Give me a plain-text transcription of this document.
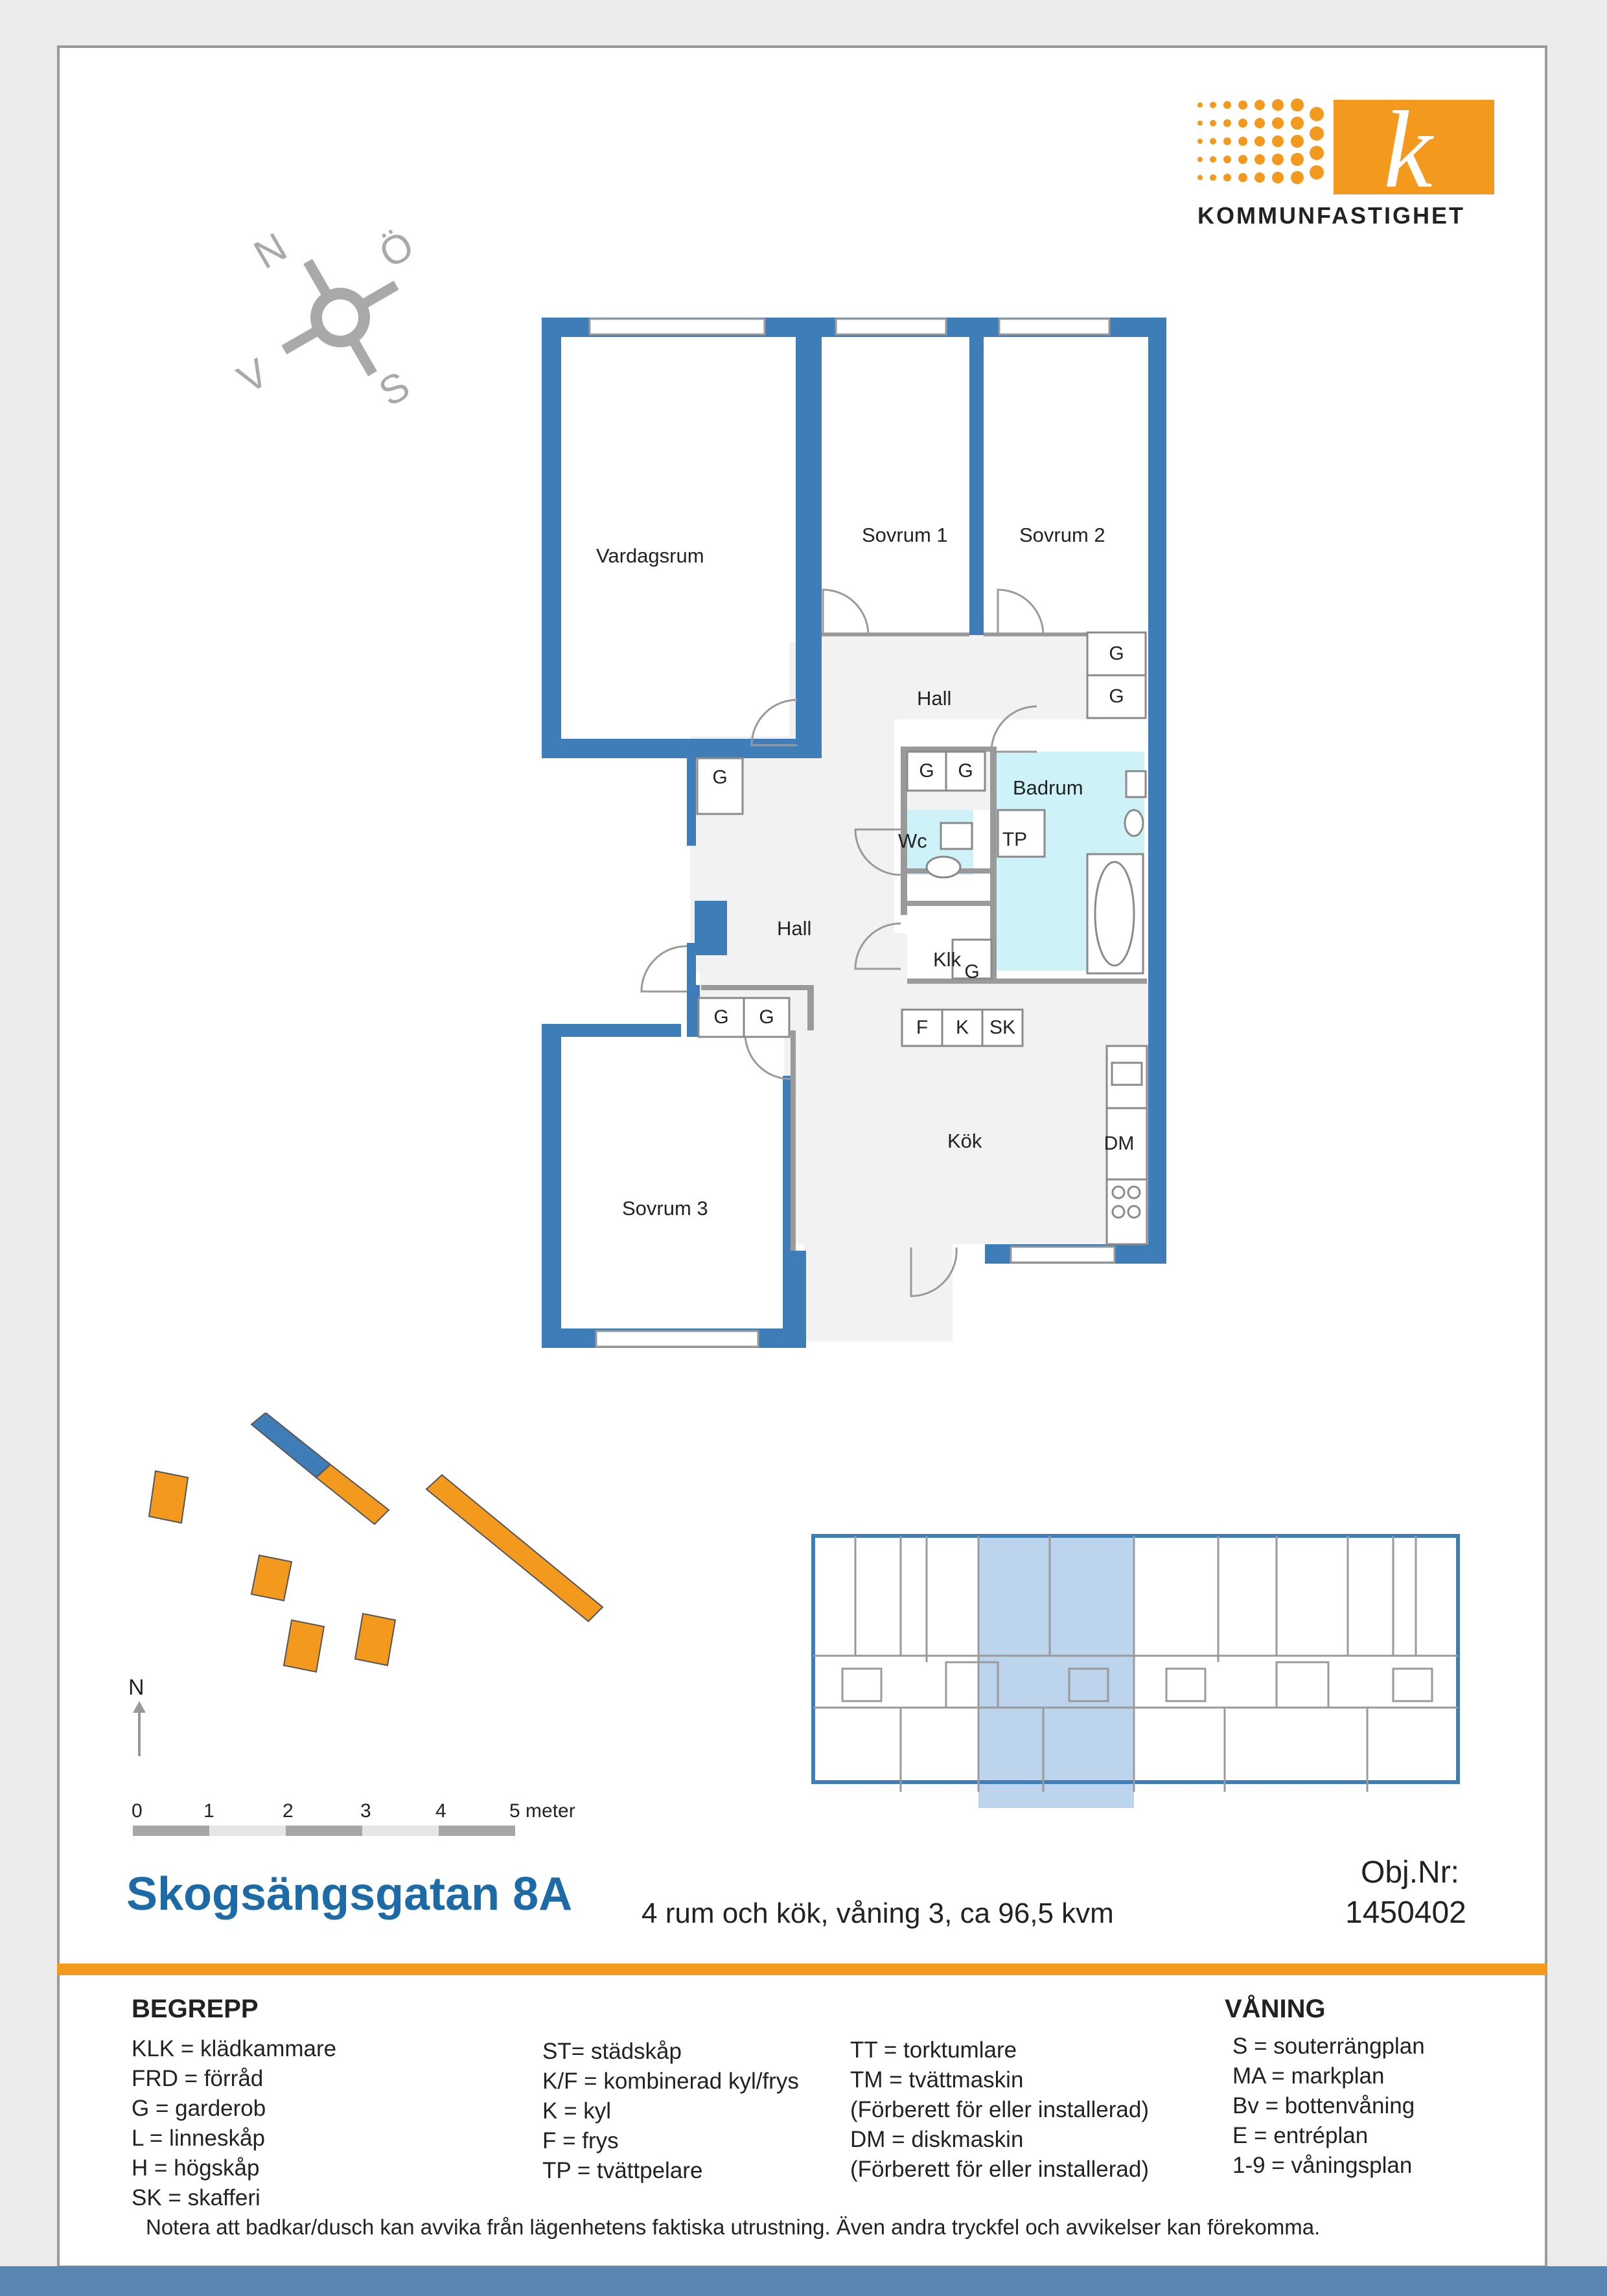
k
KOMMUNFASTIGHET
N Ö
S
V
Vardagsrum
Sovrum 1	Sovrum 2
Hall
Badrum
Wc
Hall
Klk
Kök
Sovrum 3
G
G
G	G
G
TP
G
G	G	F	K	SK
DM
N
0	1	2	3	4	5 meter
Skogsängsgatan 8A 4 rum och kök, våning 3, ca 96,5 kvm
Obj.Nr:
1450402
BEGREPP
KLK = klädkammare
FRD = förråd
G = garderob
L = linneskåp
H = högskåp
SK = skafferi
ST= städskåp
K/F = kombinerad kyl/frys
K = kyl
F = frys
TP = tvättpelare
TT = torktumlare
TM = tvättmaskin
(Förberett för eller installerad)
DM = diskmaskin
(Förberett för eller installerad)
VÅNING
S = souterrängplan
MA = markplan
Bv = bottenvåning
E = entréplan
1-9 = våningsplan
Notera att badkar/dusch kan avvika från lägenhetens faktiska utrustning. Även andra tryckfel och avvikelser kan förekomma.
